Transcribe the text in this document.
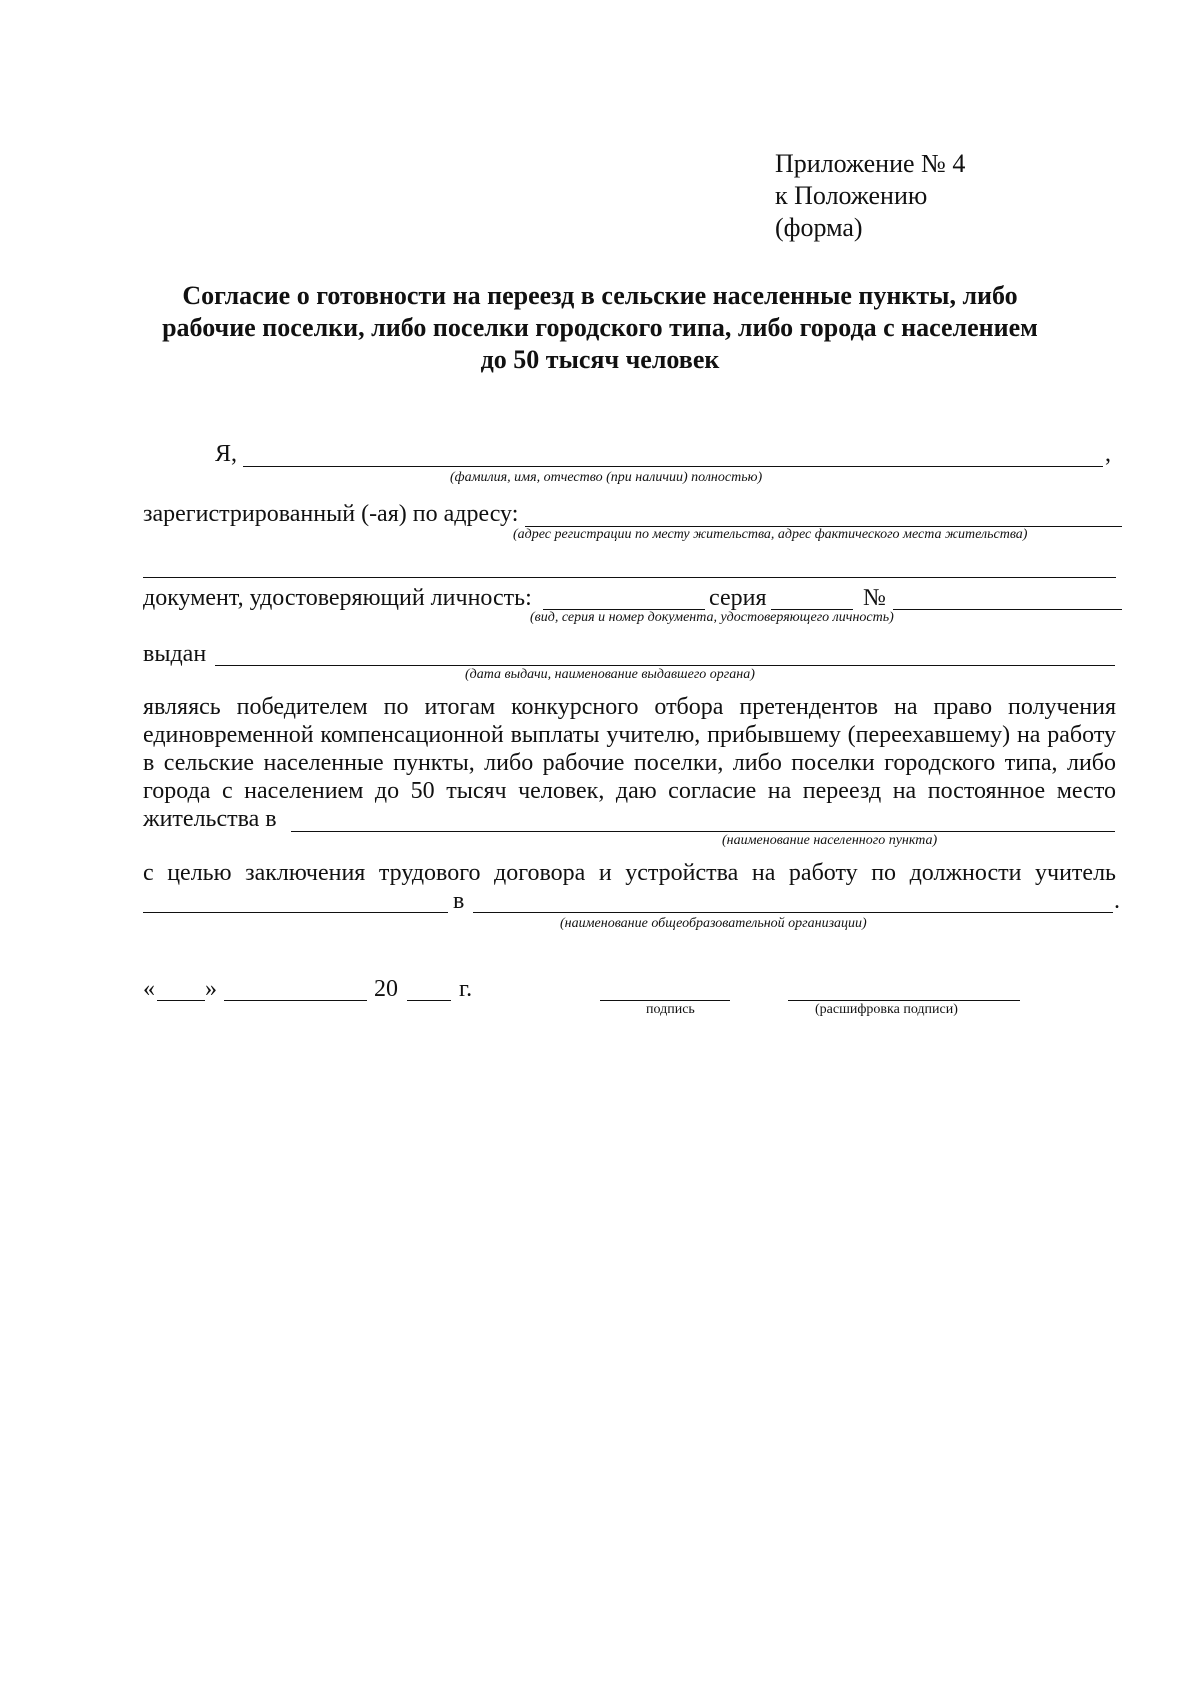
Приложение № 4
к Положению
(форма)
Согласие о готовности на переезд в сельские населенные пункты, либо
рабочие поселки, либо поселки городского типа, либо города с населением
до 50 тысяч человек
Я,	,
(фамилия, имя, отчество (при наличии) полностью)
зарегистрированный (-ая) по адресу:
(адрес регистрации по месту жительства, адрес фактического места жительства)
документ, удостоверяющий личность:	серия	№
(вид, серия и номер документа, удостоверяющего личность)
выдан
(дата выдачи, наименование выдавшего органа)
являясь победителем по итогам конкурсного отбора претендентов на право получения
единовременной компенсационной выплаты учителю, прибывшему (переехавшему) на работу
в сельские населенные пункты, либо рабочие поселки, либо поселки городского типа, либо
города с населением до 50 тысяч человек, даю согласие на переезд на постоянное место
жительства в
(наименование населенного пункта)
с целью заключения трудового договора и устройства на работу по должности учитель
в	.
(наименование общеобразовательной организации)
« »	20	г.
подпись	(расшифровка подписи)
